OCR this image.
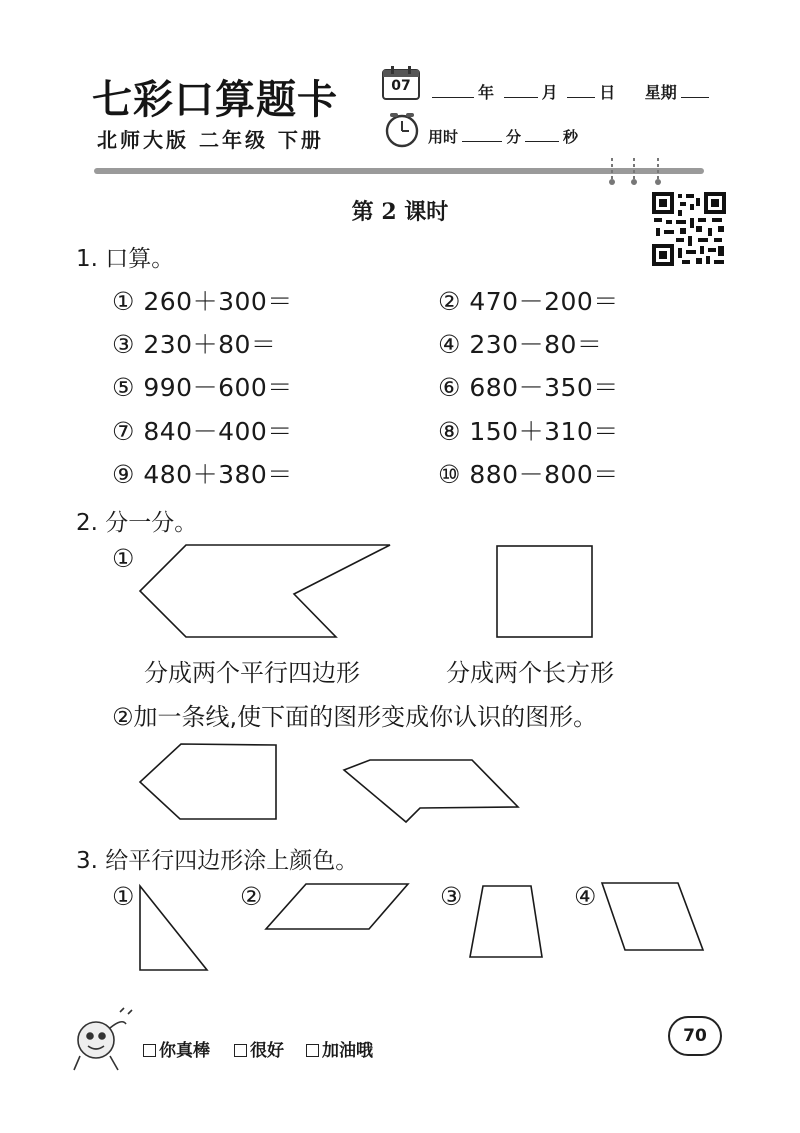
七彩口算题卡
北师大版 二年级 下册
07	年	月	日 星期
用时	分	秒
第 2 课时
1. 口算。
① 260＋300＝	② 470－200＝
③ 230＋80＝	④ 230－80＝
⑤ 990－600＝	⑥ 680－350＝
⑦ 840－400＝	⑧ 150＋310＝
⑨ 480＋380＝	⑩ 880－800＝
2. 分一分。
①
分成两个平行四边形	分成两个长方形
②加一条线,使下面的图形变成你认识的图形。
3. 给平行四边形涂上颜色。
①	②	③	④
你真棒	很好	加油哦
70
